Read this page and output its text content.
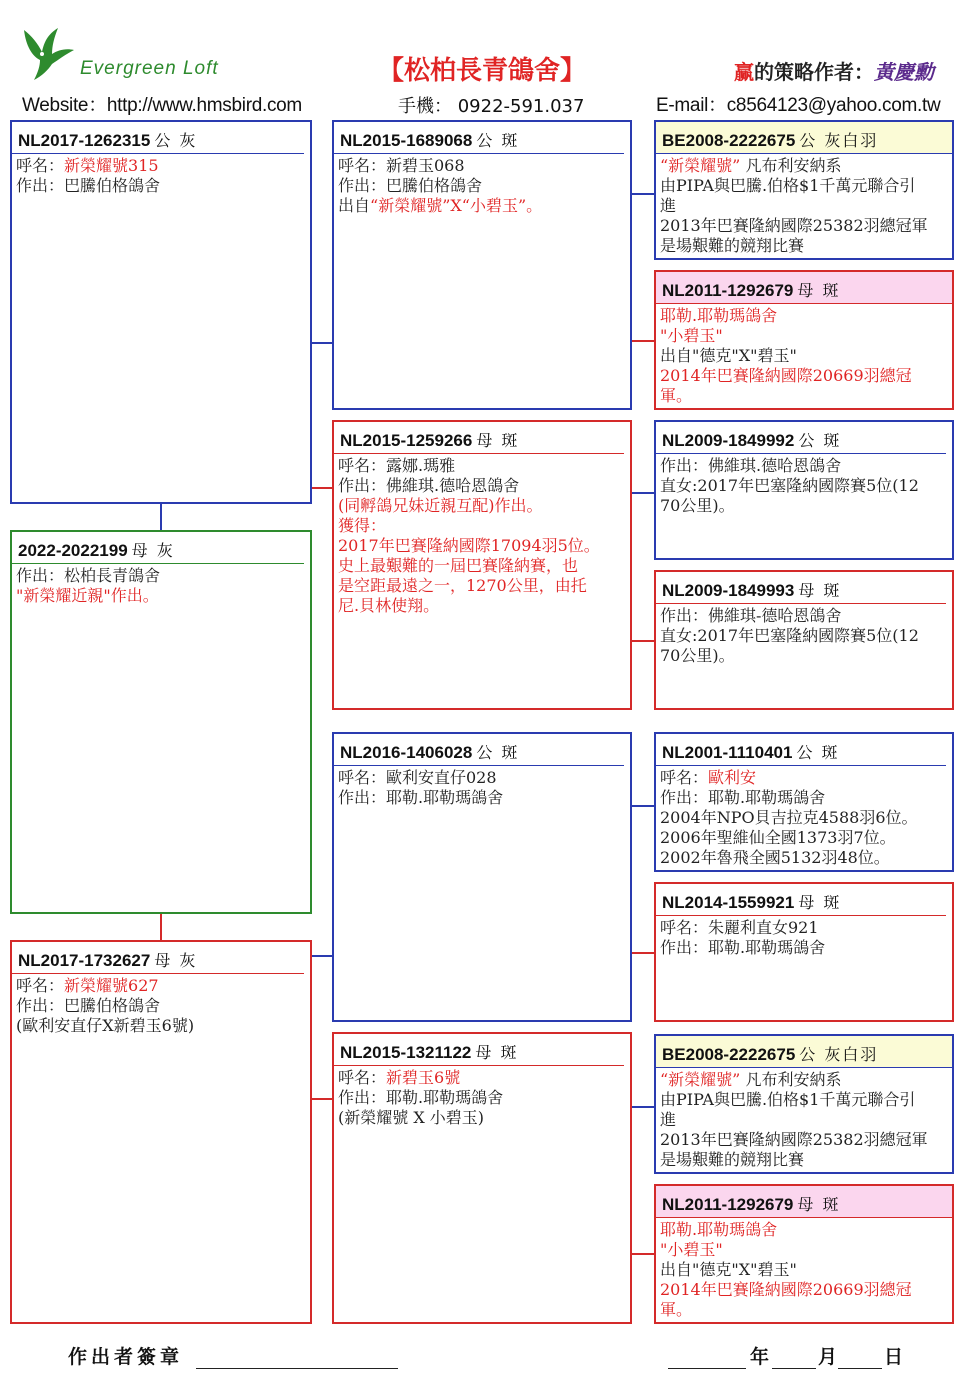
Evergreen Loft	【松柏長青鴿舍】	赢的策略作者：黃慶勳
Website：http://www.hmsbird.com	手機： 0922-591.037	E-mail：c8564123@yahoo.com.tw
NL2017-1262315 公 灰
呼名：新榮耀號315
作出：巴騰伯格鴿舍
2022-2022199 母 灰
作出：松柏長青鴿舍
"新榮耀近親"作出。
NL2017-1732627 母 灰
呼名：新榮耀號627
作出：巴騰伯格鴿舍
(歐利安直仔X新碧玉6號)
NL2015-1689068 公 斑
呼名：新碧玉068
作出：巴騰伯格鴿舍
出自“新榮耀號”X“小碧玉”。
NL2015-1259266 母 斑
呼名：露娜.瑪雅
作出：佛維琪.德哈恩鴿舍
(同孵鴿兄妹近親互配)作出。
獲得：
2017年巴賽隆納國際17094羽5位。
史上最艱難的一屆巴賽隆納賽，也
是空距最遠之一，1270公里，由托
尼.貝林使翔。
NL2016-1406028 公 斑
呼名：歐利安直仔028
作出：耶勒.耶勒瑪鴿舍
NL2015-1321122 母 斑
呼名：新碧玉6號
作出：耶勒.耶勒瑪鴿舍
(新榮耀號 X 小碧玉)
BE2008-2222675 公 灰白羽
“新榮耀號” 凡布利安納系
由PIPA與巴騰.伯格$1千萬元聯合引
進
2013年巴賽隆納國際25382羽總冠軍
是場艱難的競翔比賽
NL2011-1292679 母 斑
耶勒.耶勒瑪鴿舍
"小碧玉"
出自"德克"X"碧玉"
2014年巴賽隆納國際20669羽總冠
軍。
NL2009-1849992 公 斑
作出：佛維琪.德哈恩鴿舍
直女:2017年巴塞隆納國際賽5位(12
70公里)。
NL2009-1849993 母 斑
作出：佛維琪-德哈恩鴿舍
直女:2017年巴塞隆納國際賽5位(12
70公里)。
NL2001-1110401 公 斑
呼名：歐利安
作出：耶勒.耶勒瑪鴿舍
2004年NPO貝吉拉克4588羽6位。
2006年聖維仙全國1373羽7位。
2002年魯飛全國5132羽48位。
NL2014-1559921 母 斑
呼名：朱麗利直女921
作出：耶勒.耶勒瑪鴿舍
BE2008-2222675 公 灰白羽
“新榮耀號” 凡布利安納系
由PIPA與巴騰.伯格$1千萬元聯合引
進
2013年巴賽隆納國際25382羽總冠軍
是場艱難的競翔比賽
NL2011-1292679 母 斑
耶勒.耶勒瑪鴿舍
"小碧玉"
出自"德克"X"碧玉"
2014年巴賽隆納國際20669羽總冠
軍。
作出者簽章	年	月 日
